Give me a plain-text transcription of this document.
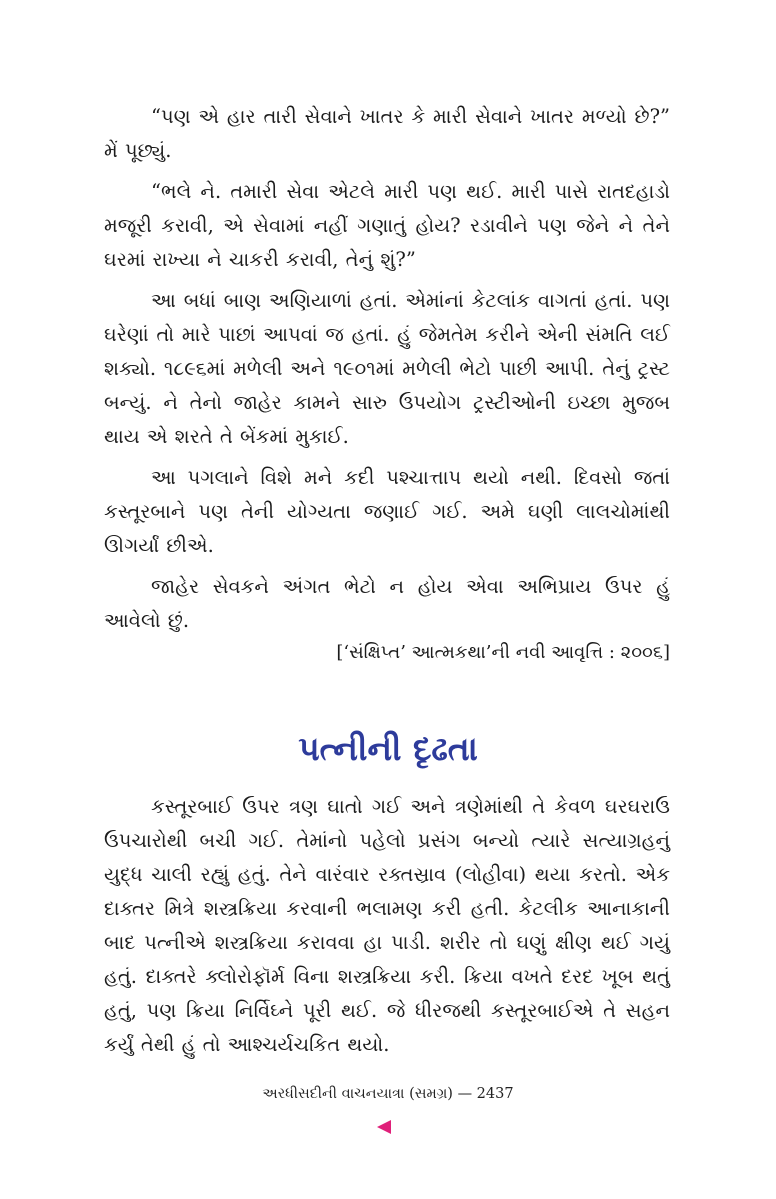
“પણ એ હાર તારી સેવાને ખાતર કે મારી સેવાને ખાતર મળ્યો છે?” મેં પૂછ્યું.

“ભલે ને. તમારી સેવા એટલે મારી પણ થઈ. મારી પાસે રાતદહાડો મજૂરી કરાવી, એ સેવામાં નહીં ગણાતું હોય? રડાવીને પણ જેને ને તેને ઘરમાં રાખ્યા ને ચાકરી કરાવી, તેનું શું?”

આ બધાં બાણ અણિયાળાં હતાં. એમાંનાં કેટલાંક વાગતાં હતાં. પણ ઘરેણાં તો મારે પાછાં આપવાં જ હતાં. હું જેમતેમ કરીને એની સંમતિ લઈ શક્યો. ૧૮૯૬માં મળેલી અને ૧૯૦૧માં મળેલી ભેટો પાછી આપી. તેનું ટ્રસ્ટ બન્યું. ને તેનો જાહેર કામને સારુ ઉપયોગ ટ્રસ્ટીઓની ઇચ્છા મુજબ થાય એ શરતે તે બેંકમાં મુકાઈ.

આ પગલાને વિશે મને કદી પશ્ચાત્તાપ થયો નથી. દિવસો જતાં કસ્તૂરબાને પણ તેની યોગ્યતા જણાઈ ગઈ. અમે ઘણી લાલચોમાંથી ઊગર્યાં છીએ.

જાહેર સેવકને અંગત ભેટો ન હોય એવા અભિપ્રાય ઉપર હું આવેલો છું.

[‘સંક્ષિપ્ત’ આત્મકથા’ની નવી આવૃત્તિ : ૨૦૦૬]
પત્નીની દૃઢતા

કસ્તૂરબાઈ ઉપર ત્રણ ઘાતો ગઈ અને ત્રણેમાંથી તે કેવળ ઘરઘરાઉ ઉપચારોથી બચી ગઈ. તેમાંનો પહેલો પ્રસંગ બન્યો ત્યારે સત્યાગ્રહનું યુદ્ધ ચાલી રહ્યું હતું. તેને વારંવાર રક્તસ્રાવ (લોહીવા) થયા કરતો. એક દાક્તર મિત્રે શસ્ત્રક્રિયા કરવાની ભલામણ કરી હતી. કેટલીક આનાકાની બાદ પત્નીએ શસ્ત્રક્રિયા કરાવવા હા પાડી. શરીર તો ઘણું ક્ષીણ થઈ ગયું હતું. દાક્તરે ક્લોરોફૉર્મ વિના શસ્ત્રક્રિયા કરી. ક્રિયા વખતે દરદ ખૂબ થતું હતું, પણ ક્રિયા નિર્વિઘ્ને પૂરી થઈ. જે ધીરજથી કસ્તૂરબાઈએ તે સહન કર્યું તેથી હું તો આશ્ચર્યચકિત થયો.

અરધીસદીની વાચનયાત્રા (સમગ્ર) — 2437
